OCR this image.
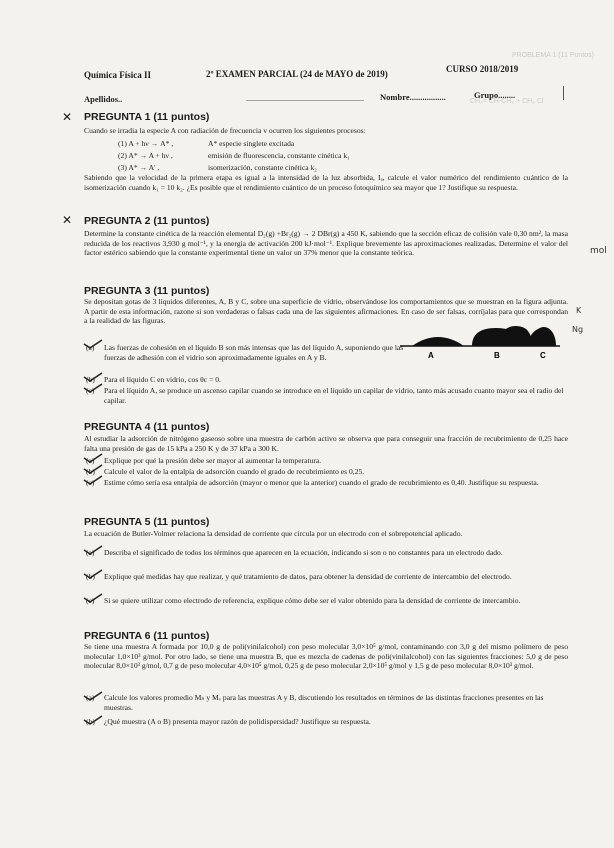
PROBLEMA 1 (11 Puntos)
CH₂= CH-CH₂ + CH₂ Cl
Química Física II	2º EXAMEN PARCIAL (24 de MAYO de 2019)	CURSO 2018/2019
Apellidos..	........................................................... Nombre.................	Grupo........
✕ PREGUNTA 1 (11 puntos)
Cuando se irradia la especie A con radiación de frecuencia v ocurren los siguientes procesos:
(1) A + hν → A* ,	A* especie singlete excitada
(2) A* → A + hν ,	emisión de fluorescencia, constante cinética k₁
(3) A* → A' ,	isomerización, constante cinética k₂
Sabiendo que la velocidad de la primera etapa es igual a la intensidad de la luz absorbida, Iₐ, calcule el valor numérico del rendimiento cuántico de la isomerización cuando k₁ = 10 k₂. ¿Es posible que el rendimiento cuántico de un proceso fotoquímico sea mayor que 1? Justifique su respuesta.
✕ PREGUNTA 2 (11 puntos)
Determine la constante cinética de la reacción elemental D₂(g) +Br₂(g) → 2 DBr(g) a 450 K, sabiendo que la sección eficaz de colisión vale 0,30 nm², la masa reducida de los reactivos 3,930 g mol⁻¹, y la energía de activación 200 kJ·mol⁻¹. Explique brevemente las aproximaciones realizadas. Determine el valor del factor estérico sabiendo que la constante experimental tiene un valor un 37% menor que la constante teórica.	mol
PREGUNTA 3 (11 puntos)
Se depositan gotas de 3 líquidos diferentes, A, B y C, sobre una superficie de vidrio, observándose los comportamientos que se muestran en la figura adjunta. A partir de esta información, razone si son verdaderas o falsas cada una de las siguientes afirmaciones. En caso de ser falsas, corríjalas para que correspondan a la realidad de las figuras.
(a) Las fuerzas de cohesión en el líquido B son más intensas que las del líquido A, suponiendo que las fuerzas de adhesión con el vidrio son aproximadamente iguales en A y B.
(b) Para el líquido C en vidrio, cos θc = 0.
(c) Para el líquido A, se produce un ascenso capilar cuando se introduce en el líquido un capilar de vidrio, tanto más acusado cuanto mayor sea el radio del capilar.
A	B	C
K
Ng
PREGUNTA 4 (11 puntos)
Al estudiar la adsorción de nitrógeno gaseoso sobre una muestra de carbón activo se observa que para conseguir una fracción de recubrimiento de 0,25 hace falta una presión de gas de 15 kPa a 250 K y de 37 kPa a 300 K.
(a) Explique por qué la presión debe ser mayor al aumentar la temperatura.
(b) Calcule el valor de la entalpía de adsorción cuando el grado de recubrimiento es 0,25.
(c) Estime cómo sería esa entalpía de adsorción (mayor o menor que la anterior) cuando el grado de recubrimiento es 0,40. Justifique su respuesta.
PREGUNTA 5 (11 puntos)
La ecuación de Butler-Volmer relaciona la densidad de corriente que circula por un electrodo con el sobrepotencial aplicado.
(a) Describa el significado de todos los términos que aparecen en la ecuación, indicando si son o no constantes para un electrodo dado.
(b) Explique qué medidas hay que realizar, y qué tratamiento de datos, para obtener la densidad de corriente de intercambio del electrodo.
(c) Si se quiere utilizar como electrodo de referencia, explique cómo debe ser el valor obtenido para la densidad de corriente de intercambio.
PREGUNTA 6 (11 puntos)
Se tiene una muestra A formada por 10,0 g de poli(vinilalcohol) con peso molecular 3,0×10⁵ g/mol, contaminando con 3,0 g del mismo polímero de peso molecular 1,0×10³ g/mol. Por otro lado, se tiene una muestra B, que es mezcla de cadenas de poli(vinilalcohol) con las siguientes fracciones: 5,0 g de peso molecular 8,0×10³ g/mol, 0,7 g de peso molecular 4,0×10⁵ g/mol, 0,25 g de peso molecular 2,0×10⁵ g/mol y 1,5 g de peso molecular 8,0×10³ g/mol.
(a) Calcule los valores promedio Mₙ y Mᵥ para las muestras A y B, discutiendo los resultados en términos de las distintas fracciones presentes en las muestras.
(b) ¿Qué muestra (A o B) presenta mayor razón de polidispersidad? Justifique su respuesta.
